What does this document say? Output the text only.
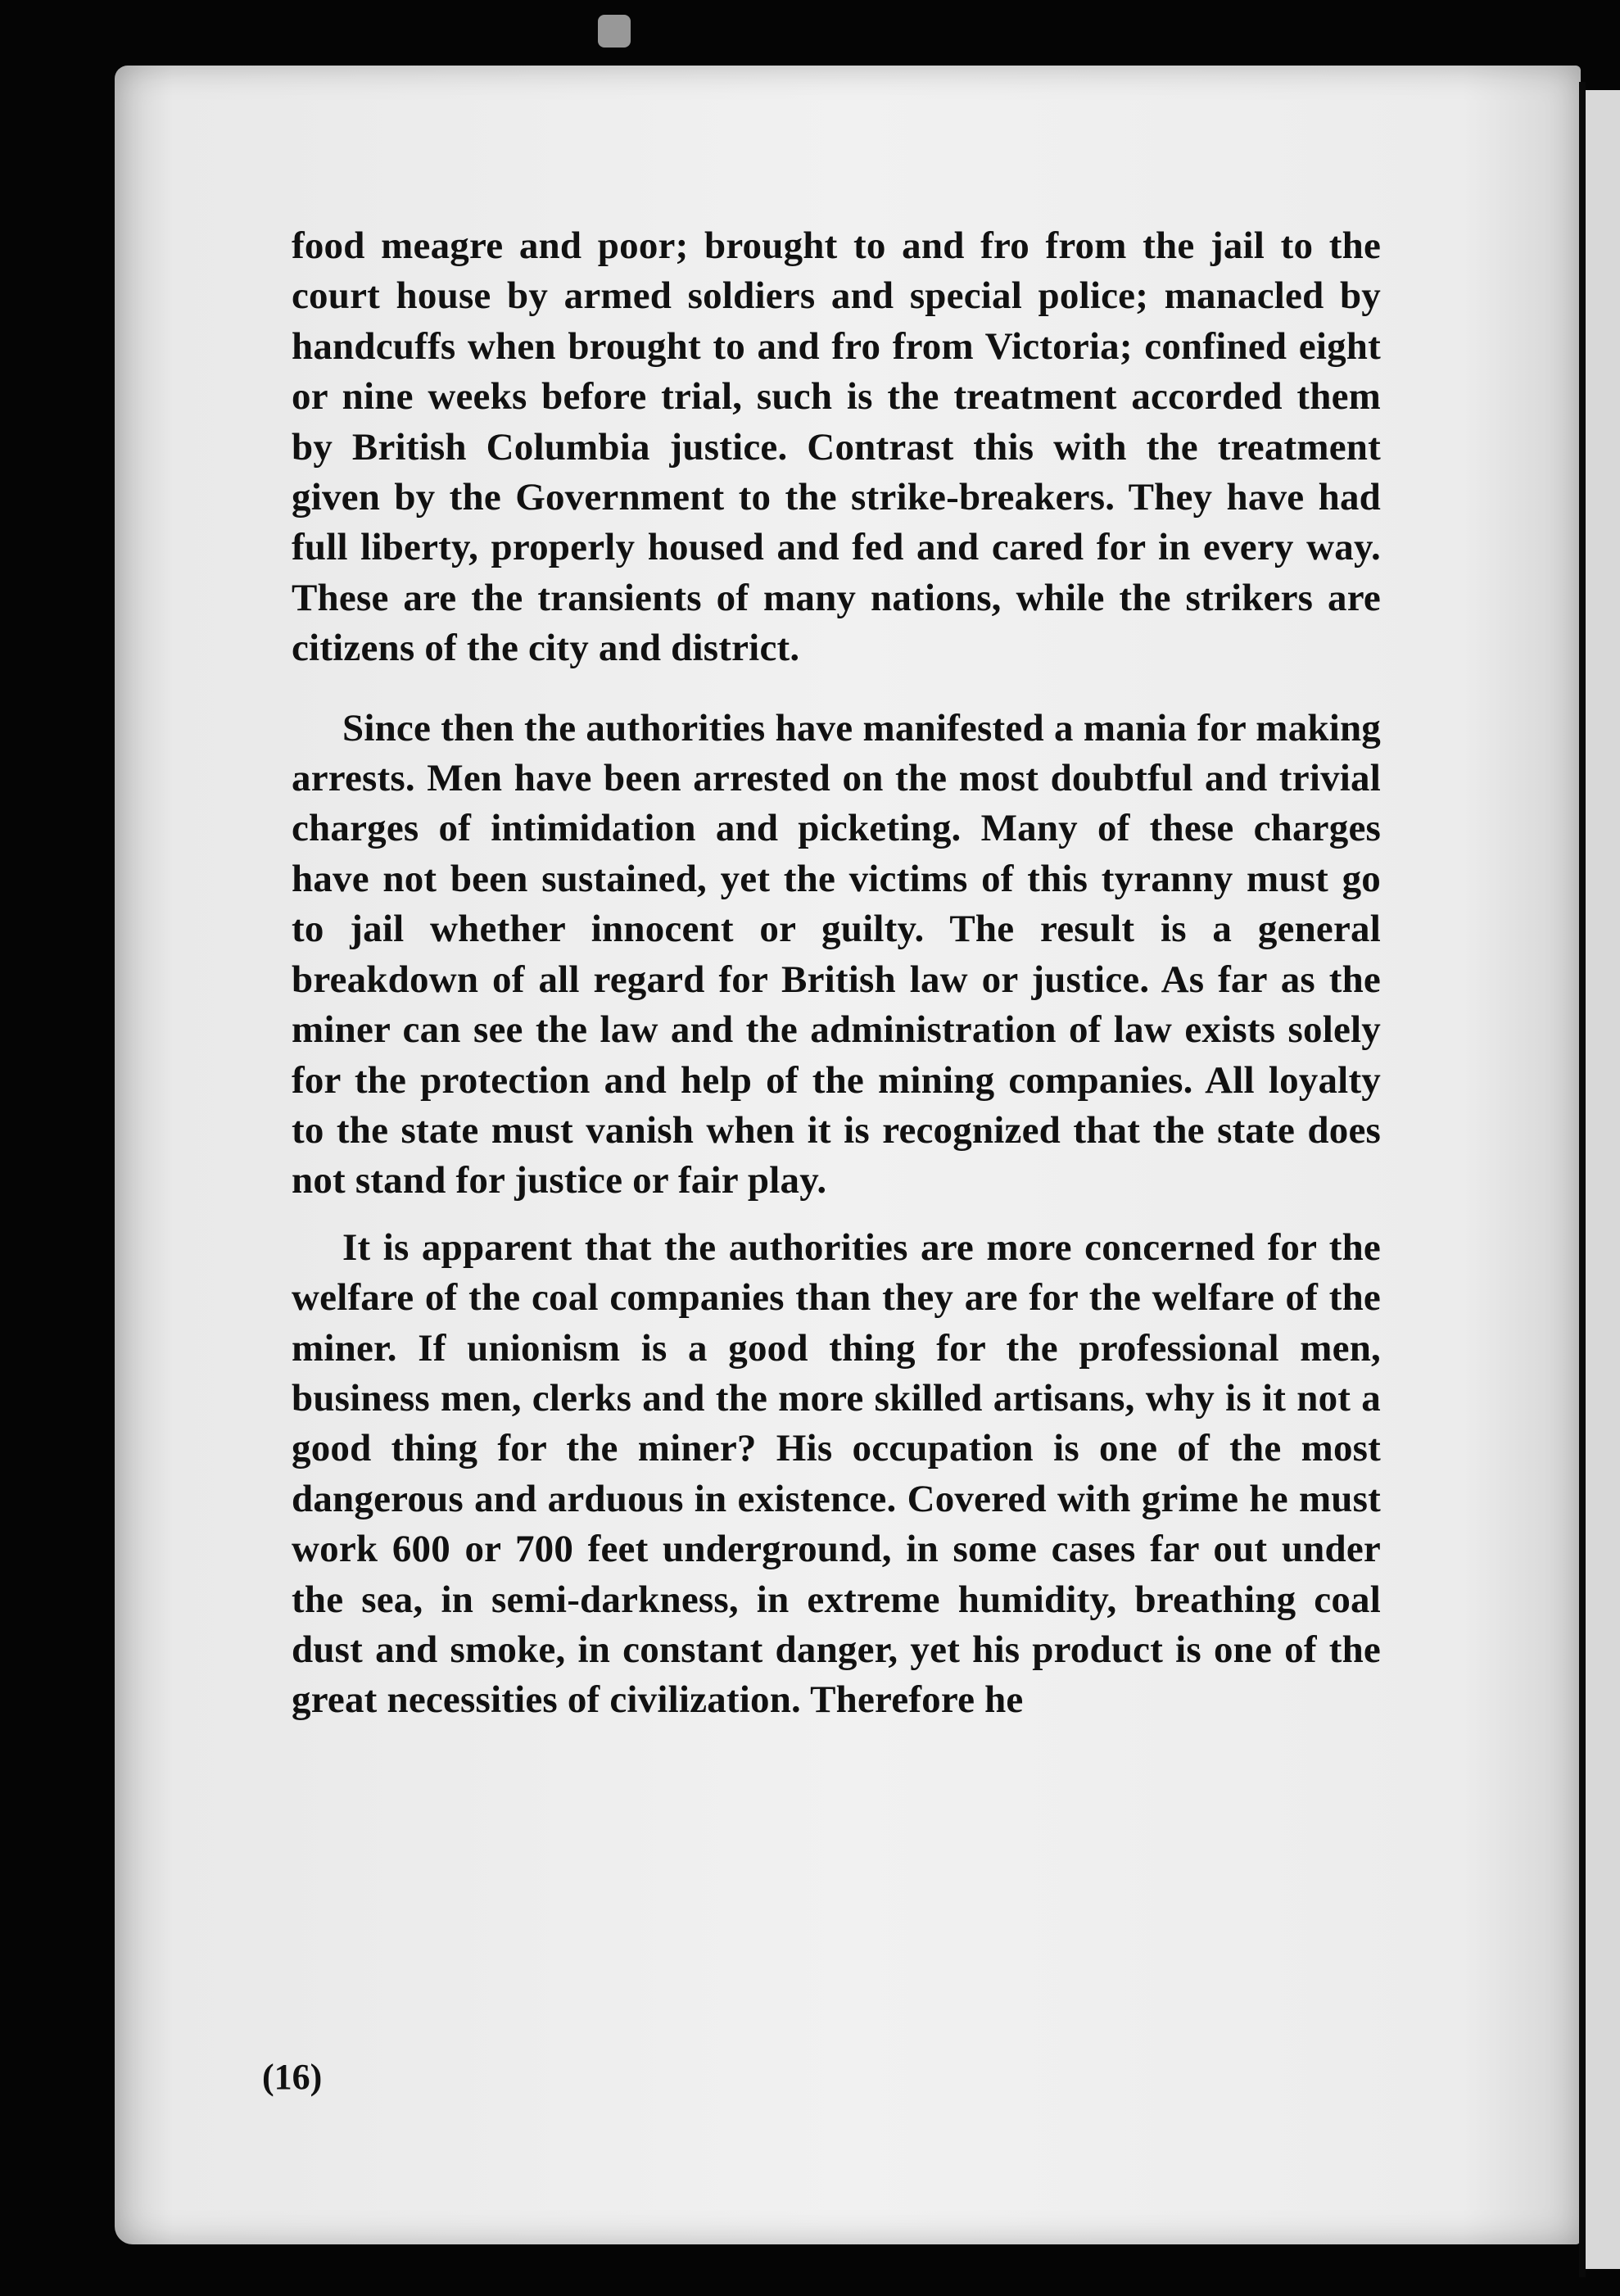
food meagre and poor; brought to and fro from the jail to the court house by armed soldiers and special police; manacled by handcuffs when brought to and fro from Victoria; confined eight or nine weeks before trial, such is the treatment accorded them by British Columbia justice. Contrast this with the treatment given by the Government to the strike-breakers. They have had full liberty, properly housed and fed and cared for in every way. These are the transients of many nations, while the strikers are citizens of the city and district.

Since then the authorities have manifested a mania for making arrests. Men have been arrested on the most doubtful and trivial charges of intimidation and picketing. Many of these charges have not been sustained, yet the victims of this tyranny must go to jail whether innocent or guilty. The result is a general breakdown of all regard for British law or justice. As far as the miner can see the law and the administration of law exists solely for the protection and help of the mining companies. All loyalty to the state must vanish when it is recognized that the state does not stand for justice or fair play.

It is apparent that the authorities are more concerned for the welfare of the coal companies than they are for the welfare of the miner. If unionism is a good thing for the professional men, business men, clerks and the more skilled artisans, why is it not a good thing for the miner? His occupation is one of the most dangerous and arduous in existence. Covered with grime he must work 600 or 700 feet underground, in some cases far out under the sea, in semi-darkness, in extreme humidity, breathing coal dust and smoke, in constant danger, yet his product is one of the great necessities of civilization. Therefore he

(16)
